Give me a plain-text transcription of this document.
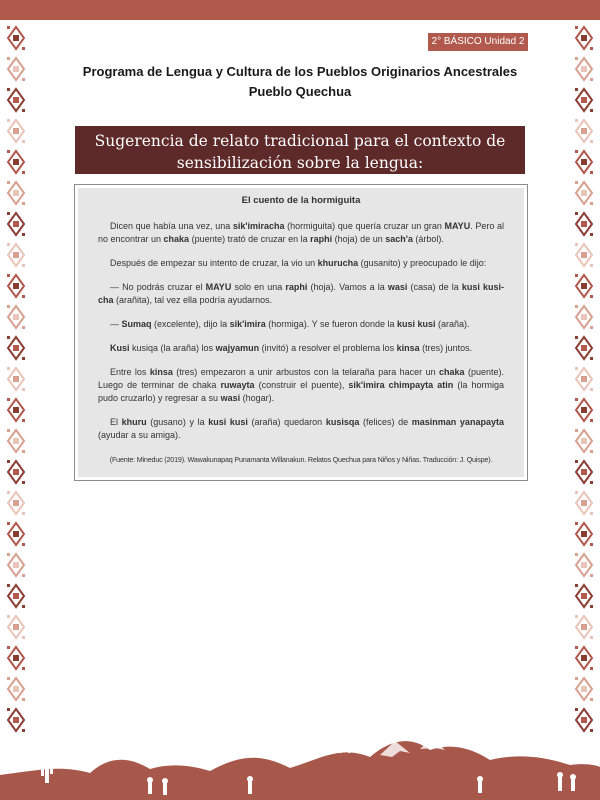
2° BÁSICO Unidad 2
Programa de Lengua y Cultura de los Pueblos Originarios Ancestrales
Pueblo Quechua
Sugerencia de relato tradicional para el contexto de
sensibilización sobre la lengua:
El cuento de la hormiguita

Dicen que había una vez, una sik'imiracha (hormiguita) que quería cruzar un gran MAYU. Pero al no encontrar un chaka (puente) trató de cruzar en la raphi (hoja) de un sach'a (árbol).

Después de empezar su intento de cruzar, la vio un khurucha (gusanito) y preocupado le dijo:

— No podrás cruzar el MAYU solo en una raphi (hoja). Vamos a la wasi (casa) de la kusi kusi-cha (arañita), tal vez ella podría ayudarnos.

— Sumaq (excelente), dijo la sik'imira (hormiga). Y se fueron donde la kusi kusi (araña).

Kusi kusiqa (la araña) los wajyamun (invitó) a resolver el problema los kinsa (tres) juntos.

Entre los kinsa (tres) empezaron a unir arbustos con la telaraña para hacer un chaka (puente). Luego de terminar de chaka ruwayta (construir el puente), sik'imira chimpayta atin (la hormiga pudo cruzarlo) y regresar a su wasi (hogar).

El khuru (gusano) y la kusi kusi (araña) quedaron kusisqa (felices) de masinman yanapayta (ayudar a su amiga).

(Fuente: Mineduc (2019). Wawakunapaq Punamanta Willanakun. Relatos Quechua para Niños y Niñas. Traducción: J. Quispe).
